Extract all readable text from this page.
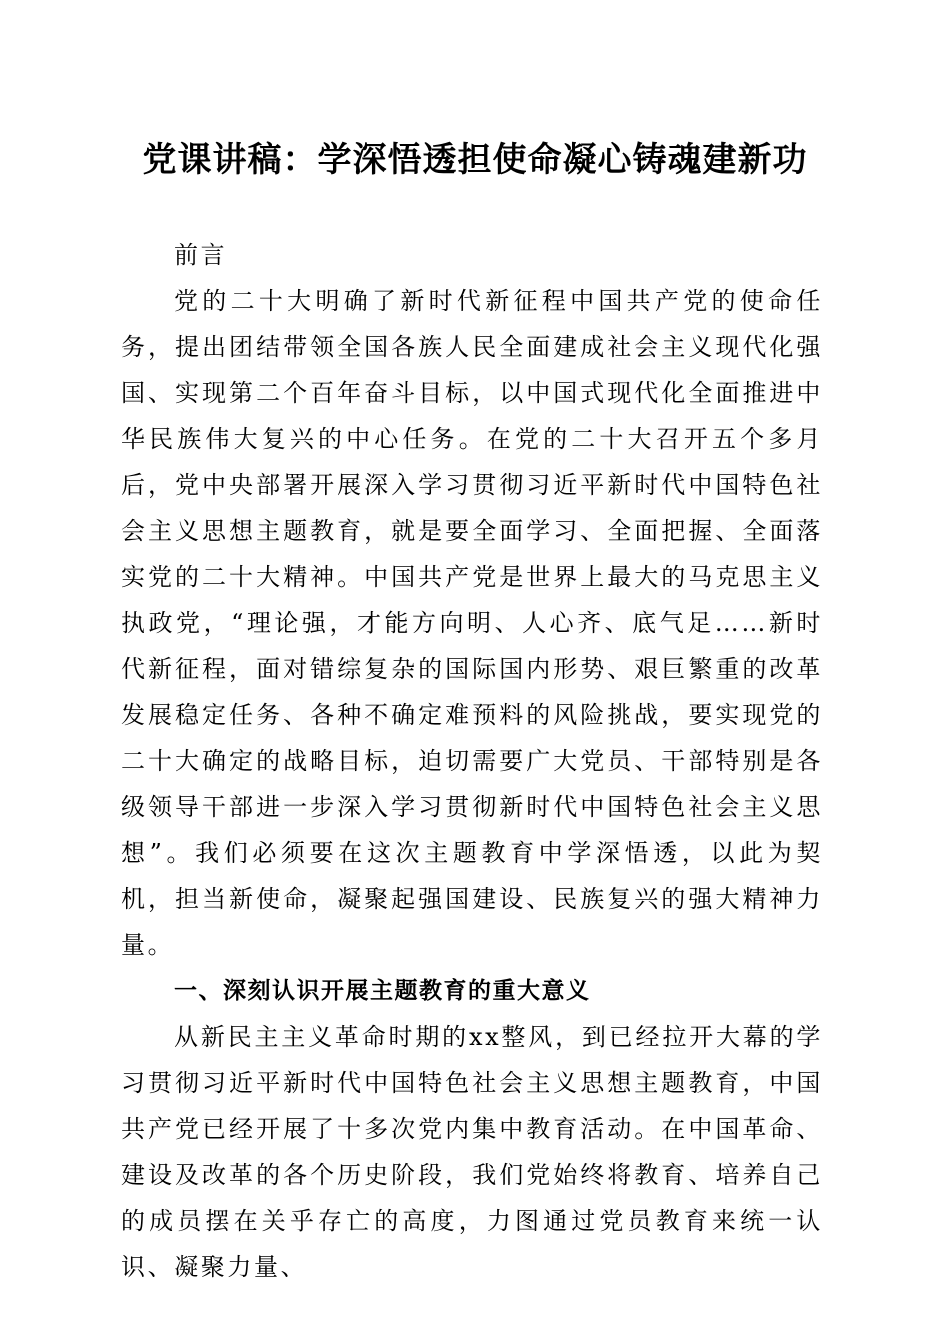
党课讲稿：学深悟透担使命凝心铸魂建新功

前言

党的二十大明确了新时代新征程中国共产党的使命任务，提出团结带领全国各族人民全面建成社会主义现代化强国、实现第二个百年奋斗目标，以中国式现代化全面推进中华民族伟大复兴的中心任务。在党的二十大召开五个多月后，党中央部署开展深入学习贯彻习近平新时代中国特色社会主义思想主题教育，就是要全面学习、全面把握、全面落实党的二十大精神。中国共产党是世界上最大的马克思主义执政党，“理论强，才能方向明、人心齐、底气足……新时代新征程，面对错综复杂的国际国内形势、艰巨繁重的改革发展稳定任务、各种不确定难预料的风险挑战，要实现党的二十大确定的战略目标，迫切需要广大党员、干部特别是各级领导干部进一步深入学习贯彻新时代中国特色社会主义思想”。我们必须要在这次主题教育中学深悟透，以此为契机，担当新使命，凝聚起强国建设、民族复兴的强大精神力量。

一、深刻认识开展主题教育的重大意义

从新民主主义革命时期的xx整风，到已经拉开大幕的学习贯彻习近平新时代中国特色社会主义思想主题教育，中国共产党已经开展了十多次党内集中教育活动。在中国革命、建设及改革的各个历史阶段，我们党始终将教育、培养自己的成员摆在关乎存亡的高度，力图通过党员教育来统一认识、凝聚力量、
